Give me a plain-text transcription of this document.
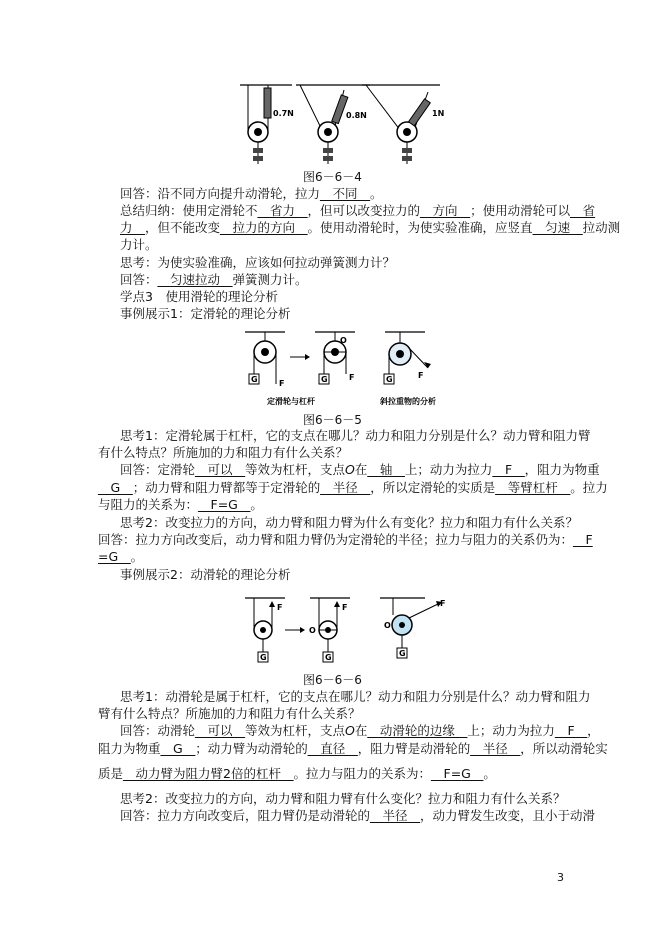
0.7N	0.8N	1N
图6－6－4
回答：沿不同方向提升动滑轮，拉力__不同__。
总结归纳：使用定滑轮不__省力__，但可以改变拉力的__方向__；使用动滑轮可以__省
力__，但不能改变__拉力的方向__。使用动滑轮时，为使实验准确，应竖直__匀速__拉动测
力计。
思考：为使实验准确，应该如何拉动弹簧测力计？
回答：__匀速拉动__弹簧测力计。
学点3　使用滑轮的理论分析
事例展示1：定滑轮的理论分析
G	F	G
O
F	G	F
定滑轮与杠杆	斜拉重物的分析
图6－6－5
思考1：定滑轮属于杠杆，它的支点在哪儿？动力和阻力分别是什么？动力臂和阻力臂
有什么特点？所施加的力和阻力有什么关系？
回答：定滑轮__可以__等效为杠杆，支点O在__轴__上；动力为拉力__F__，阻力为物重
__G__；动力臂和阻力臂都等于定滑轮的__半径__，所以定滑轮的实质是__等臂杠杆__。拉力
与阻力的关系为：__F=G__。
思考2：改变拉力的方向，动力臂和阻力臂为什么有变化？拉力和阻力有什么关系？
回答：拉力方向改变后，动力臂和阻力臂仍为定滑轮的半径；拉力与阻力的关系仍为：__F
=G__。
事例展示2：动滑轮的理论分析
F
G
F
O
G
F
O
G
图6－6－6
思考1：动滑轮是属于杠杆，它的支点在哪儿？动力和阻力分别是什么？动力臂和阻力
臂有什么特点？所施加的力和阻力有什么关系？
回答：动滑轮__可以__等效为杠杆，支点O在__动滑轮的边缘__上；动力为拉力__F__，
阻力为物重__G__；动力臂为动滑轮的__直径__，阻力臂是动滑轮的__半径__，所以动滑轮实
质是__动力臂为阻力臂2倍的杠杆__。拉力与阻力的关系为：__F=G__。
思考2：改变拉力的方向，动力臂和阻力臂有什么变化？拉力和阻力有什么关系？
回答：拉力方向改变后，阻力臂仍是动滑轮的__半径__，动力臂发生改变，且小于动滑
3
